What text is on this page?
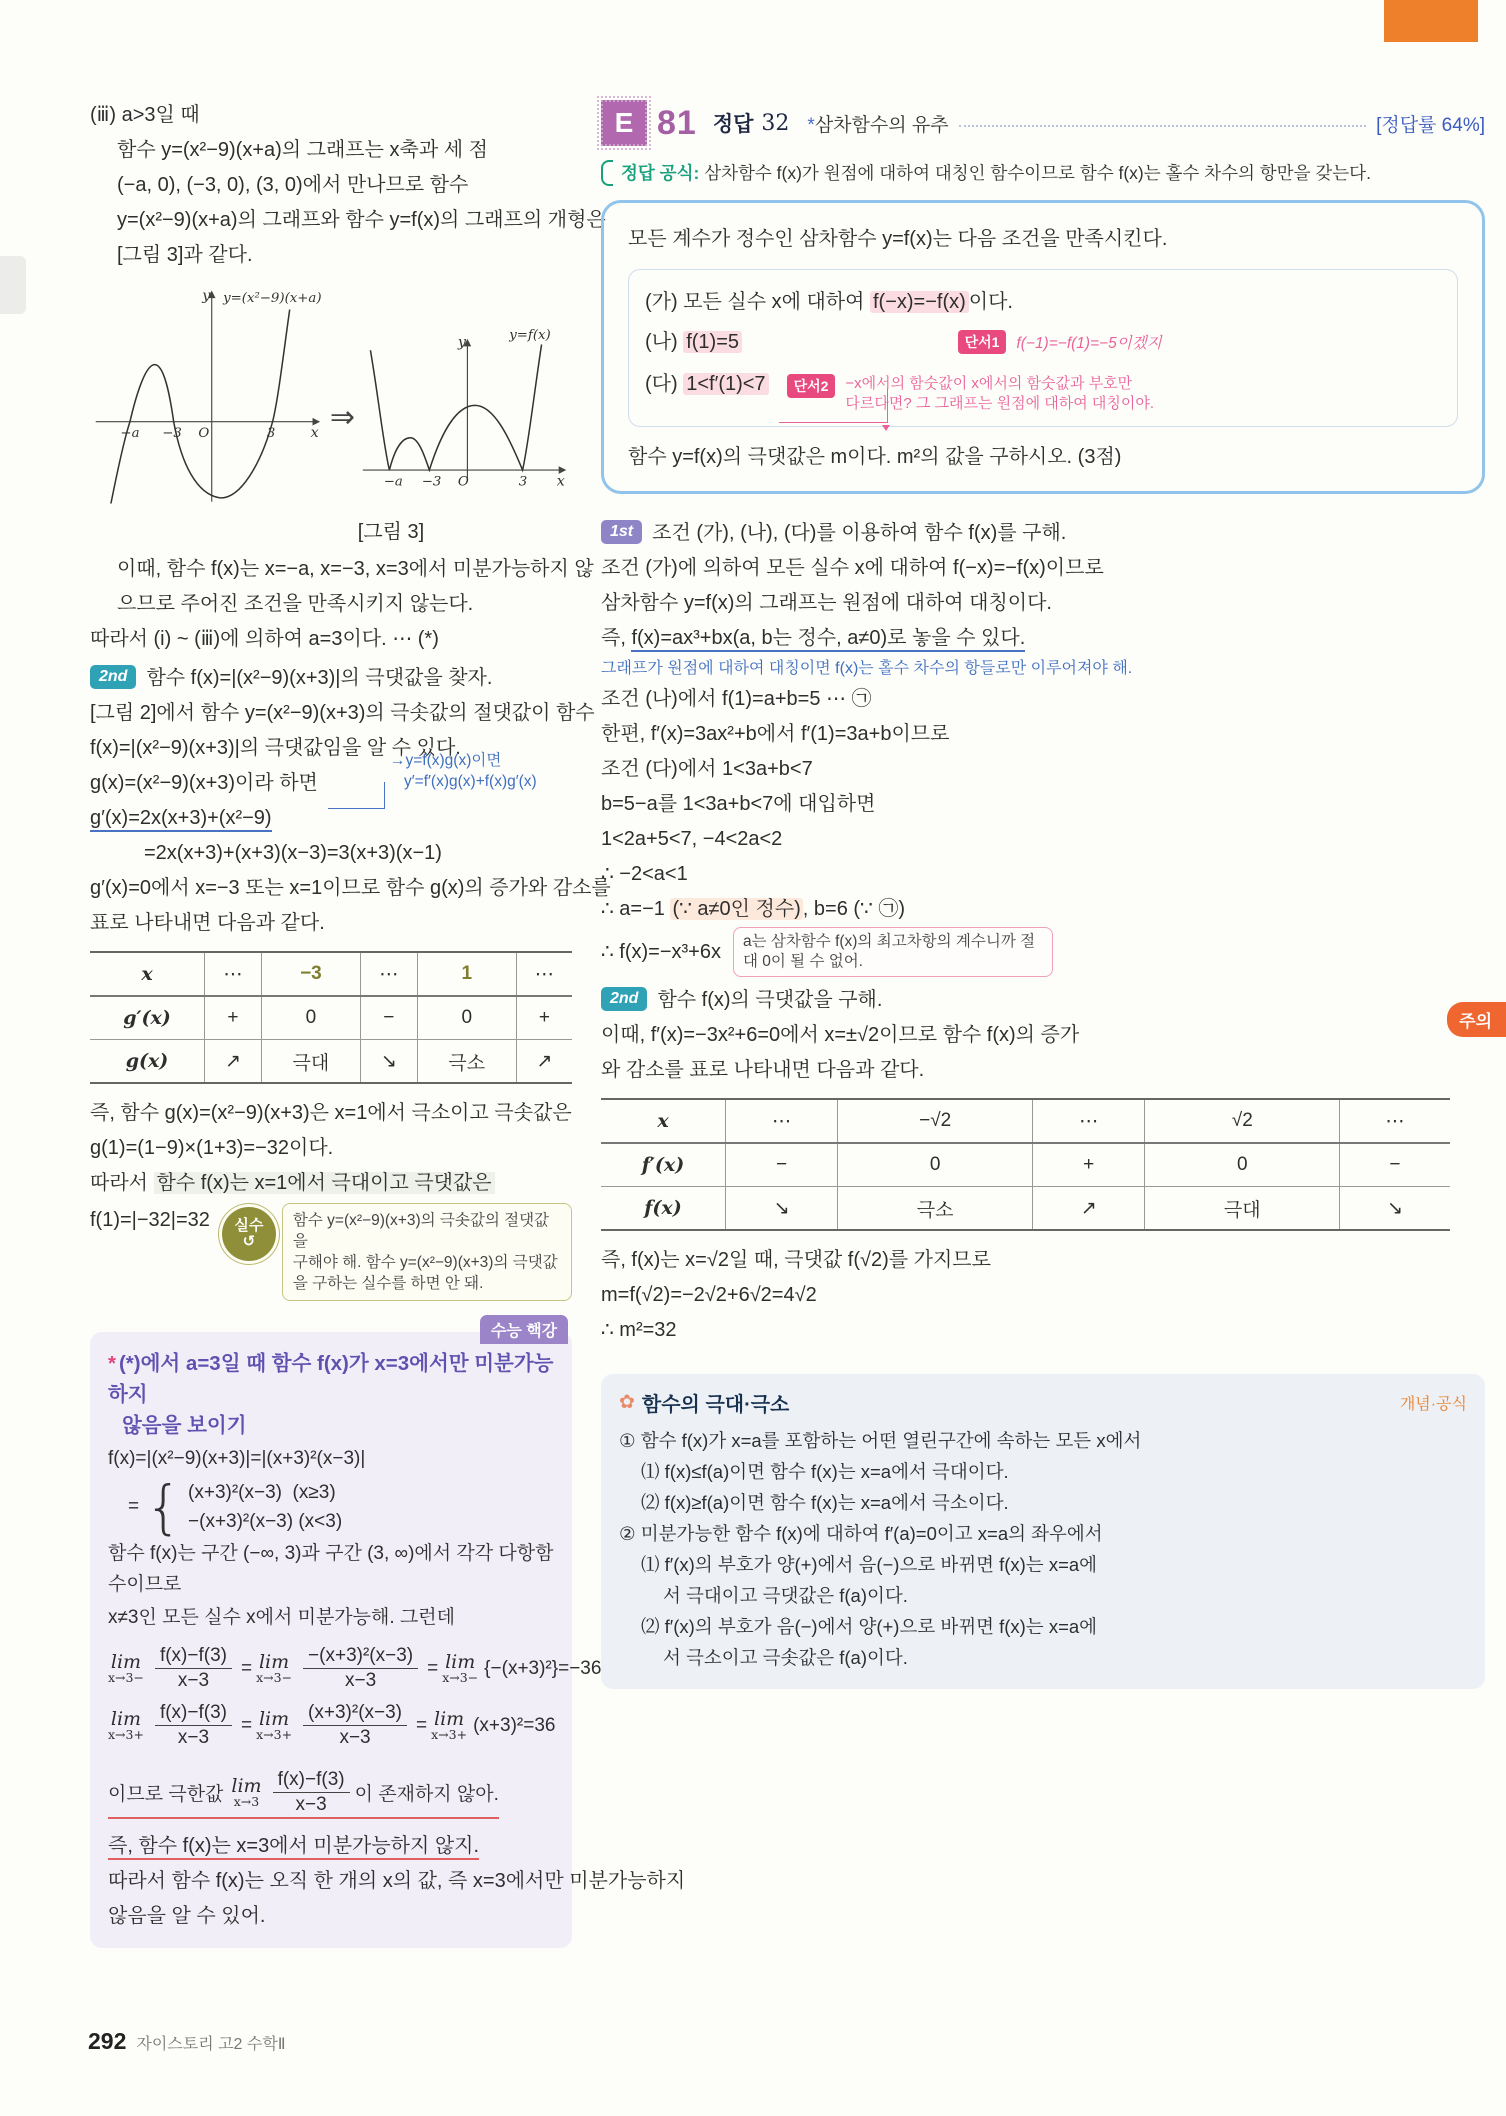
주의
(ⅲ) a>3일 때
함수 y=(x²−9)(x+a)의 그래프는 x축과 세 점
(−a, 0), (−3, 0), (3, 0)에서 만나므로 함수
y=(x²−9)(x+a)의 그래프와 함수 y=f(x)의 그래프의 개형은
[그림 3]과 같다.
y y=(x²−9)(x+a)
x
−a −3 O	3 ⇒
y	y=f(x)
x
−a −3 O	3
[그림 3]
이때, 함수 f(x)는 x=−a, x=−3, x=3에서 미분가능하지 않
으므로 주어진 조건을 만족시키지 않는다.
따라서 (i) ~ (ⅲ)에 의하여 a=3이다. ⋯ (*)
2nd 함수 f(x)=|(x²−9)(x+3)|의 극댓값을 찾자.
[그림 2]에서 함수 y=(x²−9)(x+3)의 극솟값의 절댓값이 함수
f(x)=|(x²−9)(x+3)|의 극댓값임을 알 수 있다.
g(x)=(x²−9)(x+3)이라 하면
g′(x)=2x(x+3)+(x²−9)
=2x(x+3)+(x+3)(x−3)=3(x+3)(x−1)
g′(x)=0에서 x=−3 또는 x=1이므로 함수 g(x)의 증가와 감소를
표로 나타내면 다음과 같다.
→y=f(x)g(x)이면
y′=f′(x)g(x)+f(x)g′(x)
x	⋯	−3	⋯	1	⋯
g′(x)	+	0	−	0	+
g(x)	↗	극대	↘	극소	↗
즉, 함수 g(x)=(x²−9)(x+3)은 x=1에서 극소이고 극솟값은
g(1)=(1−9)×(1+3)=−32이다.
따라서 함수 f(x)는 x=1에서 극대이고 극댓값은
f(1)=|−32|=32 실수
↺
함수 y=(x²−9)(x+3)의 극솟값의 절댓값을
구해야 해. 함수 y=(x²−9)(x+3)의 극댓값
을 구하는 실수를 하면 안 돼.
수능 핵강
* (*)에서 a=3일 때 함수 f(x)가 x=3에서만 미분가능하지
않음을 보이기
f(x)=|(x²−9)(x+3)|=|(x+3)²(x−3)|
= { (x+3)²(x−3) (x≥3)
−(x+3)²(x−3) (x<3)
함수 f(x)는 구간 (−∞, 3)과 구간 (3, ∞)에서 각각 다항함수이므로
x≠3인 모든 실수 x에서 미분가능해. 그런데
lim
$x\to 3- \frac{f(x)-f(3)}{x-3} = \lim$
$x\to 3- \frac{\text{−(x+3)²(x−3)}}{x-3} = \lim$
x→3− {−(x+3)²}=−36
lim
$x\to 3+ \frac{f(x)-f(3)}{x-3} = \lim$
$x\to 3+ \frac{\text{(x+3)²(x−3)}}{x-3} = \lim$
x→3+ (x+3)²=36
이므로 극한값 lim
$x\to 3 \frac{f(x)-f(3)}{x-3}$ 이 존재하지 않아.
즉, 함수 f(x)는 x=3에서 미분가능하지 않지.
따라서 함수 f(x)는 오직 한 개의 x의 값, 즉 x=3에서만 미분가능하지
않음을 알 수 있어.
E 81 정답 32 *삼차함수의 유추	[정답률 64%]
정답 공식: 삼차함수 f(x)가 원점에 대하여 대칭인 함수이므로 함수 f(x)는 홀수 차수의 항만을 갖는다.
모든 계수가 정수인 삼차함수 y=f(x)는 다음 조건을 만족시킨다.
(가) 모든 실수 x에 대하여 f(−x)=−f(x) 이다.
(나) f(1)=5	단서1 f(−1)=−f(1)=−5이겠지
(다) 1<f′(1)<7	단서2	−x에서의 함숫값이 x에서의 함숫값과 부호만
다르다면? 그 그래프는 원점에 대하여 대칭이야.
함수 y=f(x)의 극댓값은 m이다. m²의 값을 구하시오. (3점)
1st 조건 (가), (나), (다)를 이용하여 함수 f(x)를 구해.
조건 (가)에 의하여 모든 실수 x에 대하여 f(−x)=−f(x)이므로
삼차함수 y=f(x)의 그래프는 원점에 대하여 대칭이다.
즉, f(x)=ax³+bx(a, b는 정수, a≠0)로 놓을 수 있다.
그래프가 원점에 대하여 대칭이면 f(x)는 홀수 차수의 항들로만 이루어져야 해.
조건 (나)에서 f(1)=a+b=5 ⋯ ㉠
한편, f′(x)=3ax²+b에서 f′(1)=3a+b이므로
조건 (다)에서 1<3a+b<7
b=5−a를 1<3a+b<7에 대입하면
1<2a+5<7, −4<2a<2
∴ −2<a<1
∴ a=−1 (∵ a≠0인 정수) , b=6 (∵ ㉠)
∴ f(x)=−x³+6x	a는 삼차함수 f(x)의 최고차항의 계수니까 절대 0이 될 수 없어.
2nd 함수 f(x)의 극댓값을 구해.
이때, f′(x)=−3x²+6=0에서 x=±√2이므로 함수 f(x)의 증가
와 감소를 표로 나타내면 다음과 같다.
x	⋯	−√2	⋯	√2	⋯
f′(x)	−	0	+	0	−
f(x)	↘	극소	↗	극대	↘
즉, f(x)는 x=√2일 때, 극댓값 f(√2)를 가지므로
m=f(√2)=−2√2+6√2=4√2
∴ m²=32
✿ 함수의 극대·극소	개념·공식
① 함수 f(x)가 x=a를 포함하는 어떤 열린구간에 속하는 모든 x에서
⑴ f(x)≤f(a)이면 함수 f(x)는 x=a에서 극대이다.
⑵ f(x)≥f(a)이면 함수 f(x)는 x=a에서 극소이다.
② 미분가능한 함수 f(x)에 대하여 f′(a)=0이고 x=a의 좌우에서
⑴ f′(x)의 부호가 양(+)에서 음(−)으로 바뀌면 f(x)는 x=a에
서 극대이고 극댓값은 f(a)이다.
⑵ f′(x)의 부호가 음(−)에서 양(+)으로 바뀌면 f(x)는 x=a에
서 극소이고 극솟값은 f(a)이다.
292 자이스토리 고2 수학Ⅱ
